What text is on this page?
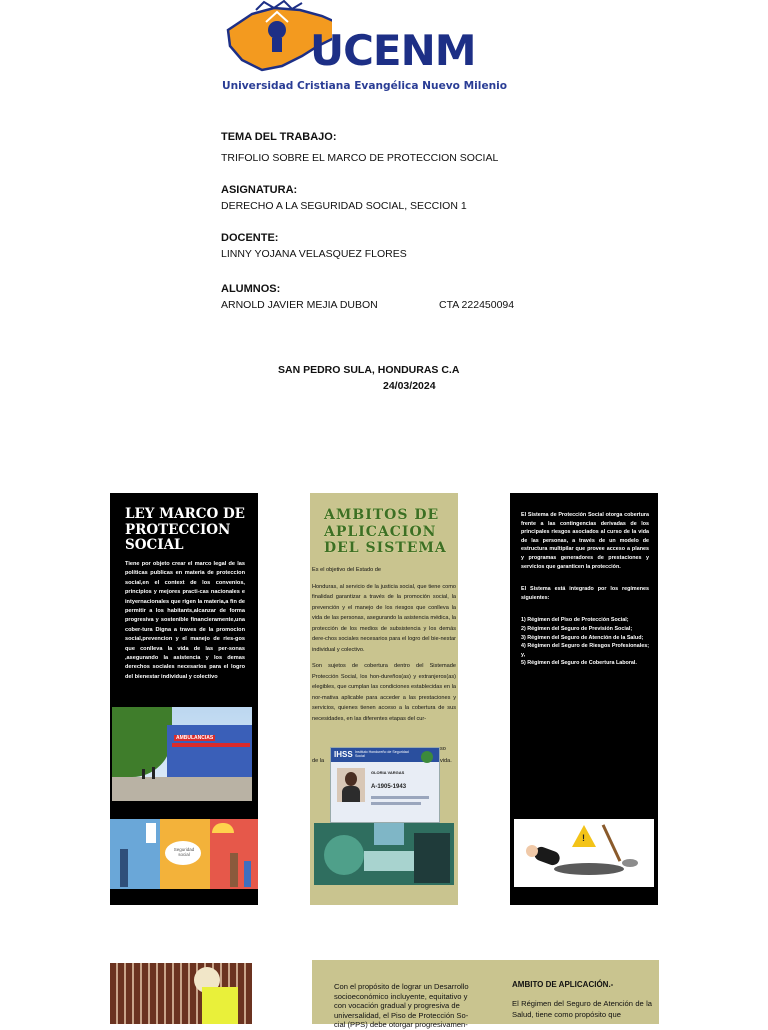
UCENM
Universidad Cristiana Evangélica Nuevo Milenio
TEMA DEL TRABAJO:
TRIFOLIO SOBRE EL MARCO DE PROTECCION SOCIAL
ASIGNATURA:
DERECHO A LA SEGURIDAD SOCIAL, SECCION 1
DOCENTE:
LINNY YOJANA VELASQUEZ FLORES
ALUMNOS:
ARNOLD JAVIER MEJIA DUBON	CTA 222450094
SAN PEDRO SULA, HONDURAS C.A
24/03/2024
LEY MARCO DE PROTECCION SOCIAL
Tiene por objeto crear el marco legal de las políticas publicas en materia de proteccion social,en el context de los convenios, principios y mejores practi-cas nacionales e intyernacionales que rigen la materia,a fin de permitir a los habitants,alcanzar de forma progresiva y sostenible financieramente,una cober-tura Digna a traves de la promocion social,prevencion y el manejo de ries-gos que conlleva la vida de las per-sonas ,asegurando la asistencia y los demas derechos sociales necesarios para el logro del bienestar individual y colectivo
AMBULANCIAS
Seguridad social
AMBITOS DE APLICACION DEL SISTEMA

Es el objetivo del Estado de

Honduras, al servicio de la justicia social, que tiene como finalidad garantizar a través de la promoción social, la prevención y el manejo de los riesgos que conlleva la vida de las personas, asegurando la asistencia médica, la protección de los medios de subsistencia y los demás dere-chos sociales necesarios para el logro del bie-nestar individual y colectivo.

Son sujetos de cobertura dentro del Sistemade Protección Social, los hon-dureños(as) y extranjeros(as) elegibles, que cumplan las condiciones establecidas en la nor-mativa aplicable para acceder a las prestaciones y servicios, quienes tienen acceso a la cobertura de sus necesidades, en las diferentes etapas del cur-

de la
so
vida.
IHSS Instituto Hondureño de Seguridad Social
GLORIA VARGAS
A-1905-1943

El Sistema de Protección Social otorga cobertura frente a las contingencias derivadas de los principales riesgos asociados al curso de la vida de las personas, a través de un modelo de estructura multipilar que provee acceso a planes y programas generadores de prestaciones y servicios que garanticen la protección.

El Sistema está integrado por los regímenes siguientes:

1) Régimen del Piso de Protección Social;
2) Régimen del Seguro de Previsión Social;
3) Régimen del Seguro de Atención de la Salud;
4) Régimen del Seguro de Riesgos Profesionales; y,
5) Régimen del Seguro de Cobertura Laboral.
!
Con el propósito de lograr un Desarrollo socioeconómico incluyente, equitativo y con vocación gradual y progresiva de universalidad, el Piso de Protección So-cial (PPS) debe otorgar progresivamen-
AMBITO DE APLICACIÓN.-
El Régimen del Seguro de Atención de la Salud, tiene como propósito que
